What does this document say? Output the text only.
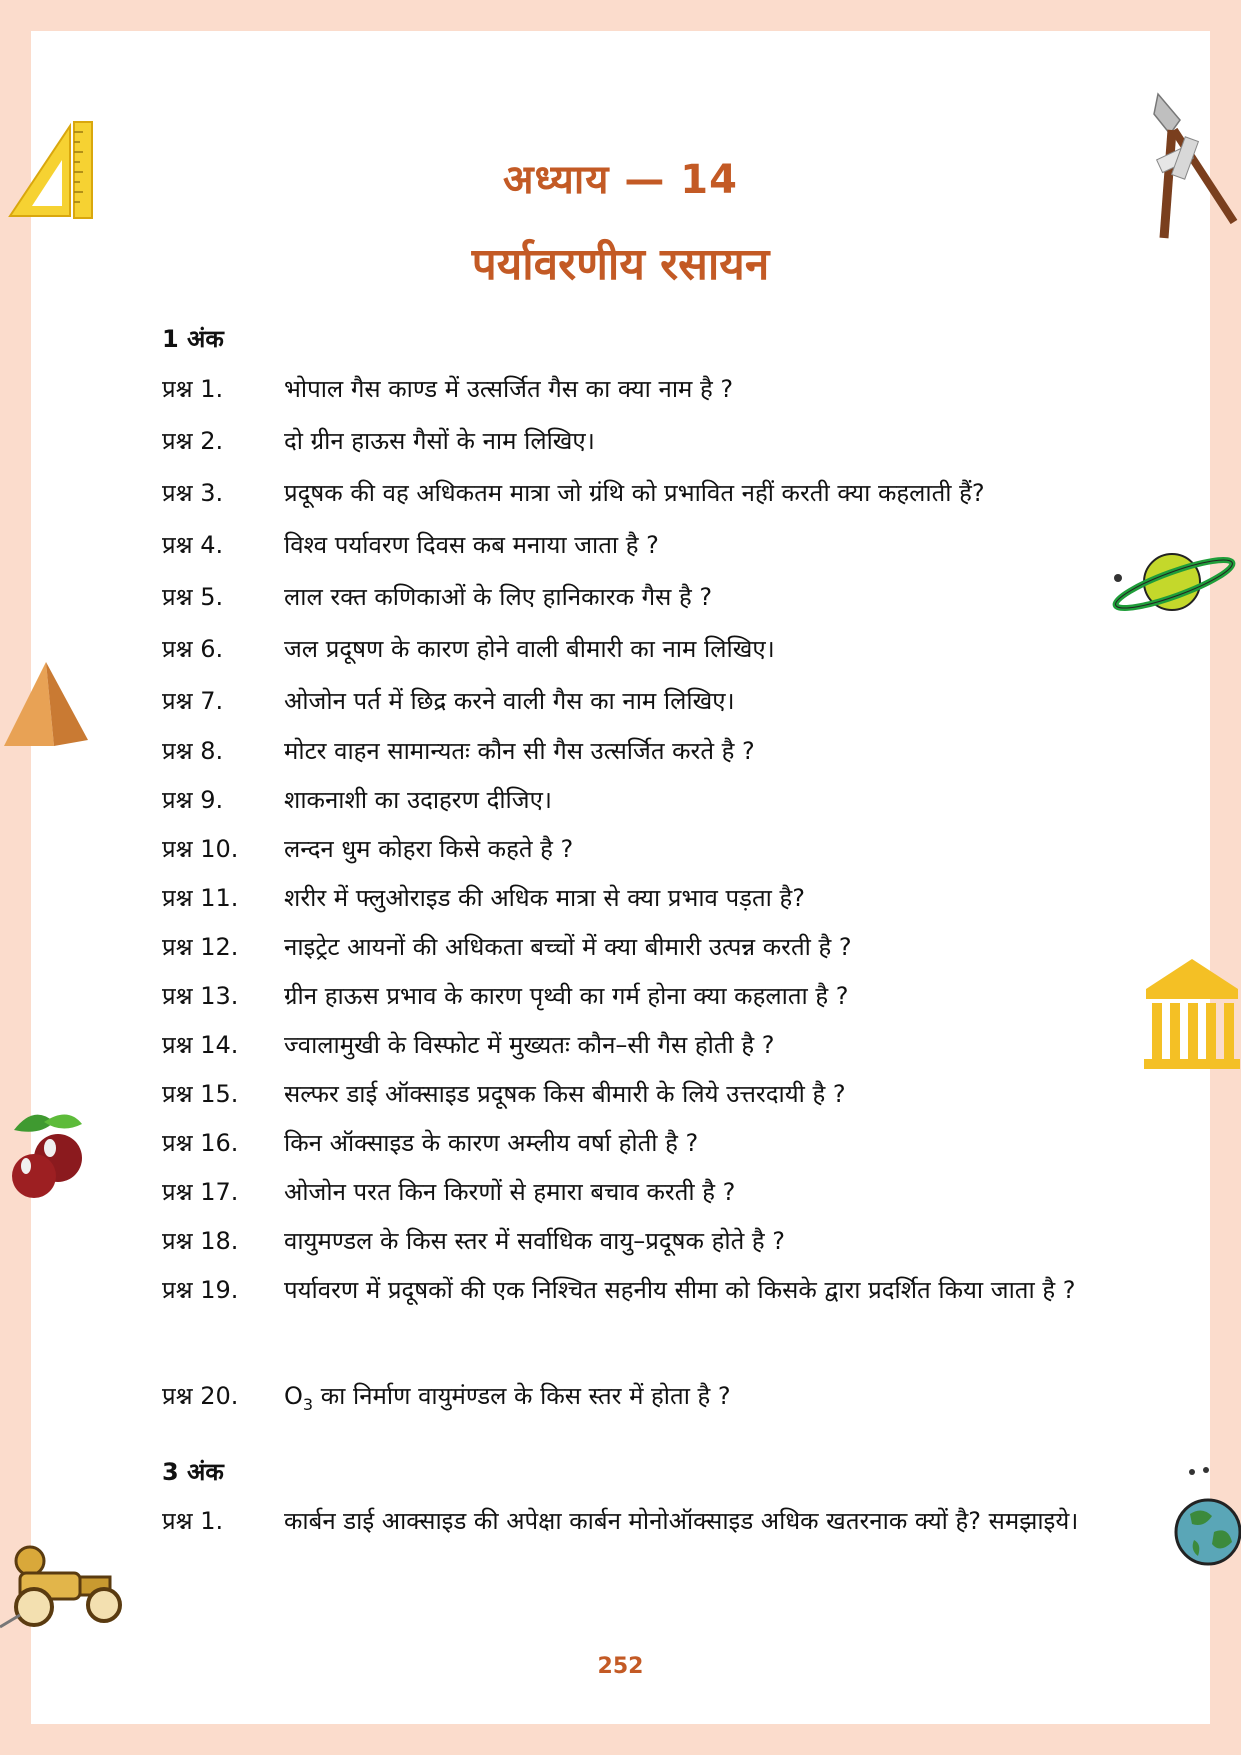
अध्याय — 14
पर्यावरणीय रसायन
1 अंक
प्रश्न 1.	भोपाल गैस काण्ड में उत्सर्जित गैस का क्या नाम है ?
प्रश्न 2.	दो ग्रीन हाऊस गैसों के नाम लिखिए।
प्रश्न 3.	प्रदूषक की वह अधिकतम मात्रा जो ग्रंथि को प्रभावित नहीं करती क्या कहलाती हैं?
प्रश्न 4.	विश्व पर्यावरण दिवस कब मनाया जाता है ?
प्रश्न 5.	लाल रक्त कणिकाओं के लिए हानिकारक गैस है ?
प्रश्न 6.	जल प्रदूषण के कारण होने वाली बीमारी का नाम लिखिए।
प्रश्न 7.	ओजोन पर्त में छिद्र करने वाली गैस का नाम लिखिए।
प्रश्न 8.	मोटर वाहन सामान्यतः कौन सी गैस उत्सर्जित करते है ?
प्रश्न 9.	शाकनाशी का उदाहरण दीजिए।
प्रश्न 10.	लन्दन धुम कोहरा किसे कहते है ?
प्रश्न 11.	शरीर में फ्लुओराइड की अधिक मात्रा से क्या प्रभाव पड़ता है?
प्रश्न 12.	नाइट्रेट आयनों की अधिकता बच्चों में क्या बीमारी उत्पन्न करती है ?
प्रश्न 13.	ग्रीन हाऊस प्रभाव के कारण पृथ्वी का गर्म होना क्या कहलाता है ?
प्रश्न 14.	ज्वालामुखी के विस्फोट में मुख्यतः कौन–सी गैस होती है ?
प्रश्न 15.	सल्फर डाई ऑक्साइड प्रदूषक किस बीमारी के लिये उत्तरदायी है ?
प्रश्न 16.	किन ऑक्साइड के कारण अम्लीय वर्षा होती है ?
प्रश्न 17.	ओजोन परत किन किरणों से हमारा बचाव करती है ?
प्रश्न 18.	वायुमण्डल के किस स्तर में सर्वाधिक वायु–प्रदूषक होते है ?
प्रश्न 19.	पर्यावरण में प्रदूषकों की एक निश्चित सहनीय सीमा को किसके द्वारा प्रदर्शित किया जाता है ?
प्रश्न 20.	$O_3$ का निर्माण वायुमंण्डल के किस स्तर में होता है ?
3 अंक
प्रश्न 1.	कार्बन डाई आक्साइड की अपेक्षा कार्बन मोनोऑक्साइड अधिक खतरनाक क्यों है? समझाइये।
252
